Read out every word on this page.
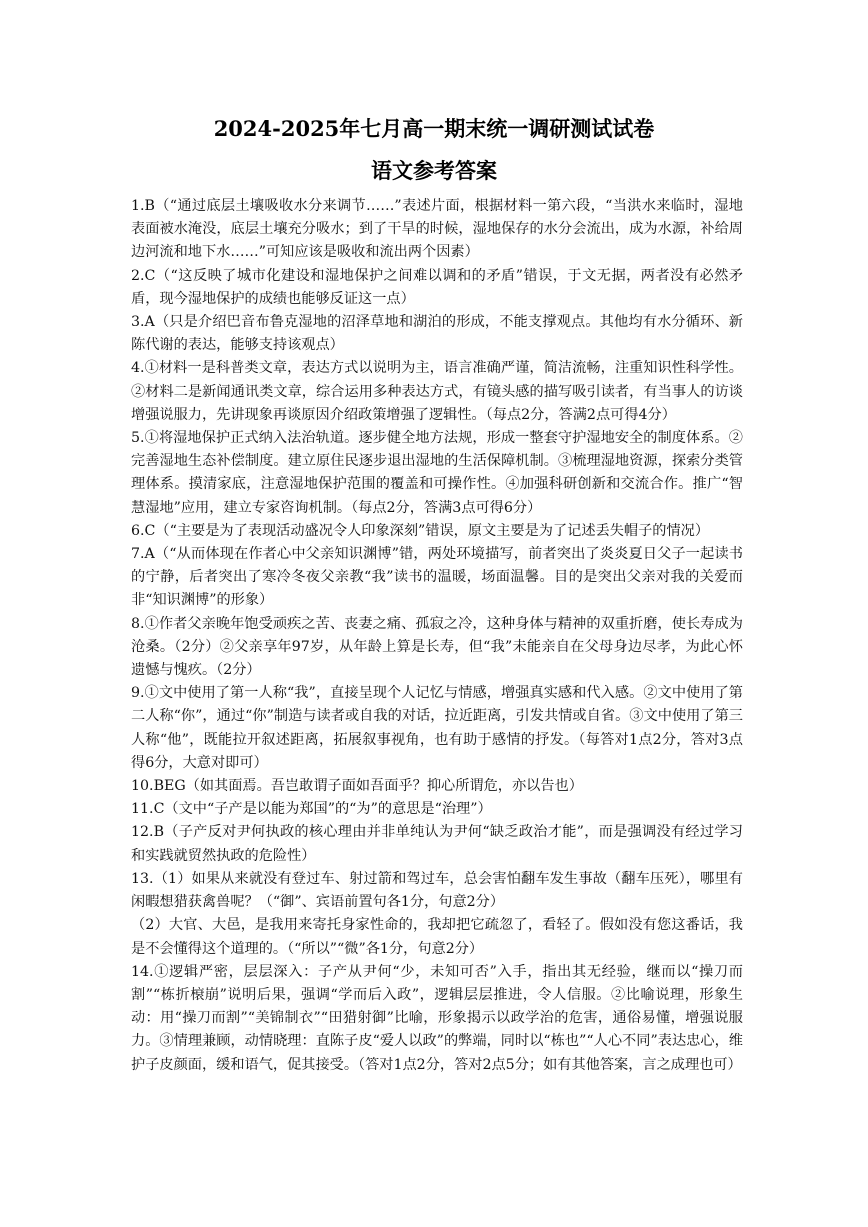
2024-2025年七月高一期末统一调研测试试卷
语文参考答案

1.B（“通过底层土壤吸收水分来调节……”表述片面，根据材料一第六段，“当洪水来临时，湿地表面被水淹没，底层土壤充分吸水；到了干旱的时候，湿地保存的水分会流出，成为水源，补给周边河流和地下水……”可知应该是吸收和流出两个因素）

2.C（“这反映了城市化建设和湿地保护之间难以调和的矛盾”错误，于文无据，两者没有必然矛盾，现今湿地保护的成绩也能够反证这一点）

3.A（只是介绍巴音布鲁克湿地的沼泽草地和湖泊的形成，不能支撑观点。其他均有水分循环、新陈代谢的表达，能够支持该观点）

4.①材料一是科普类文章，表达方式以说明为主，语言准确严谨，简洁流畅，注重知识性科学性。②材料二是新闻通讯类文章，综合运用多种表达方式，有镜头感的描写吸引读者，有当事人的访谈增强说服力，先讲现象再谈原因介绍政策增强了逻辑性。（每点2分，答满2点可得4分）

5.①将湿地保护正式纳入法治轨道。逐步健全地方法规，形成一整套守护湿地安全的制度体系。②完善湿地生态补偿制度。建立原住民逐步退出湿地的生活保障机制。③梳理湿地资源，探索分类管理体系。摸清家底，注意湿地保护范围的覆盖和可操作性。④加强科研创新和交流合作。推广“智慧湿地”应用，建立专家咨询机制。（每点2分，答满3点可得6分）

6.C（“主要是为了表现活动盛况令人印象深刻”错误，原文主要是为了记述丢失帽子的情况）

7.A（“从而体现在作者心中父亲知识渊博”错，两处环境描写，前者突出了炎炎夏日父子一起读书的宁静，后者突出了寒冷冬夜父亲教“我”读书的温暖，场面温馨。目的是突出父亲对我的关爱而非“知识渊博”的形象）

8.①作者父亲晚年饱受顽疾之苦、丧妻之痛、孤寂之冷，这种身体与精神的双重折磨，使长寿成为沧桑。（2分）②父亲享年97岁，从年龄上算是长寿，但“我”未能亲自在父母身边尽孝，为此心怀遗憾与愧疚。（2分）

9.①文中使用了第一人称“我”，直接呈现个人记忆与情感，增强真实感和代入感。②文中使用了第二人称“你”，通过“你”制造与读者或自我的对话，拉近距离，引发共情或自省。③文中使用了第三人称“他”，既能拉开叙述距离，拓展叙事视角，也有助于感情的抒发。（每答对1点2分，答对3点得6分，大意对即可）

10.BEG（如其面焉。吾岂敢谓子面如吾面乎？抑心所谓危，亦以告也）

11.C（文中“子产是以能为郑国”的“为”的意思是“治理”）

12.B（子产反对尹何执政的核心理由并非单纯认为尹何“缺乏政治才能”，而是强调没有经过学习和实践就贸然执政的危险性）

13.（1）如果从来就没有登过车、射过箭和驾过车，总会害怕翻车发生事故（翻车压死），哪里有闲暇想猎获禽兽呢？（“御”、宾语前置句各1分，句意2分）

（2）大官、大邑，是我用来寄托身家性命的，我却把它疏忽了，看轻了。假如没有您这番话，我是不会懂得这个道理的。（“所以”“微”各1分，句意2分）

14.①逻辑严密，层层深入：子产从尹何“少，未知可否”入手，指出其无经验，继而以“操刀而割”“栋折榱崩”说明后果，强调“学而后入政”，逻辑层层推进，令人信服。②比喻说理，形象生动：用“操刀而割”“美锦制衣”“田猎射御”比喻，形象揭示以政学治的危害，通俗易懂，增强说服力。③情理兼顾，动情晓理：直陈子皮“爱人以政”的弊端，同时以“栋也”“人心不同”表达忠心，维护子皮颜面，缓和语气，促其接受。（答对1点2分，答对2点5分；如有其他答案，言之成理也可）
